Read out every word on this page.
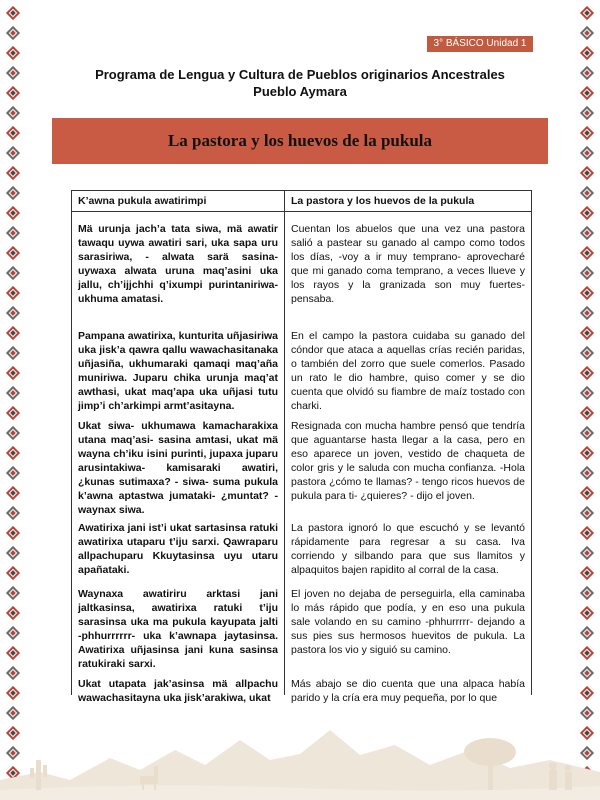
3° BÁSICO Unidad 1
Programa de Lengua y Cultura de Pueblos originarios Ancestrales
Pueblo Aymara
La pastora y los huevos de la pukula
K’awna pukula awatirimpi

Mä urunja jach’a tata siwa, mä awatir tawaqu uywa awatiri sari, uka sapa uru sarasiriwa, - alwata sarä sasina- uywaxa alwata uruna maq’asini uka jallu, ch’ijjchhi q’ixumpi purintaniriwa- ukhuma amatasi.

Pampana awatirixa, kunturita uñjasiriwa uka jisk’a qawra qallu wawachasitanaka uñjasiña, ukhumaraki qamaqi maq’aña muniriwa. Juparu chika urunja maq’at awthasi, ukat maq’apa uka uñjasi tutu jimp’i ch’arkimpi armt’asitayna.

Ukat siwa- ukhumawa kamacharakixa utana maq’asi- sasina amtasi, ukat mä wayna ch’iku isini purinti, jupaxa juparu arusintakiwa- kamisaraki awatiri, ¿kunas sutimaxa? - siwa- suma pukula k’awna aptastwa jumataki- ¿muntat? - waynax siwa.

Awatirixa jani ist’i ukat sartasinsa ratuki awatirixa utaparu t’iju sarxi. Qawraparu allpachuparu Kkuytasinsa uyu utaru apañataki.

Waynaxa awatiriru arktasi jani jaltkasinsa, awatirixa ratuki t’iju sarasinsa uka ma pukula kayupata jalti -phhurrrrrr- uka k’awnapa jaytasinsa. Awatirixa uñjasinsa jani kuna sasinsa ratukiraki sarxi.

Ukat utapata jak’asinsa mä allpachu wawachasitayna uka jisk’arakiwa, ukat

La pastora y los huevos de la pukula

Cuentan los abuelos que una vez una pastora salió a pastear su ganado al campo como todos los días, -voy a ir muy temprano- aprovecharé que mi ganado coma temprano, a veces llueve y los rayos y la granizada son muy fuertes- pensaba.

En el campo la pastora cuidaba su ganado del cóndor que ataca a aquellas crías recién paridas, o también del zorro que suele comerlos. Pasado un rato le dio hambre, quiso comer y se dio cuenta que olvidó su fiambre de maíz tostado con charki.

Resignada con mucha hambre pensó que tendría que aguantarse hasta llegar a la casa, pero en eso aparece un joven, vestido de chaqueta de color gris y le saluda con mucha confianza. -Hola pastora ¿cómo te llamas? - tengo ricos huevos de pukula para ti- ¿quieres? - dijo el joven.

La pastora ignoró lo que escuchó y se levantó rápidamente para regresar a su casa. Iva corriendo y silbando para que sus llamitos y alpaquitos bajen rapidito al corral de la casa.

El joven no dejaba de perseguirla, ella caminaba lo más rápido que podía, y en eso una pukula sale volando en su camino -phhurrrrr- dejando a sus pies sus hermosos huevitos de pukula. La pastora los vio y siguió su camino.

Más abajo se dio cuenta que una alpaca había parido y la cría era muy pequeña, por lo que
